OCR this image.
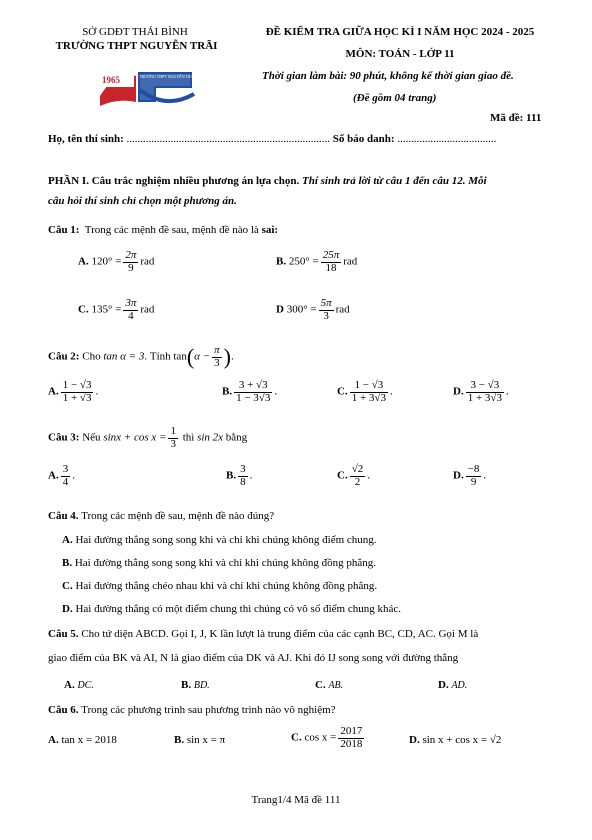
SỞ GDĐT THÁI BÌNH
TRƯỜNG THPT NGUYỄN TRÃI
1965	TRƯỜNG THPT NGUYỄN TRÃI
ĐỀ KIỂM TRA GIỮA HỌC KÌ I NĂM HỌC 2024 - 2025
MÔN: TOÁN - LỚP 11
Thời gian làm bài: 90 phút, không kể thời gian giao đề.
(Đề gồm 04 trang)
Mã đề: 111
Họ, tên thí sinh: .......................................................................... Số báo danh: ....................................
PHẦN I. Câu trắc nghiệm nhiều phương án lựa chọn. Thí sinh trả lời từ câu 1 đến câu 12. Mỗi
câu hỏi thí sinh chỉ chọn một phương án.
Câu 1: Trong các mệnh đề sau, mệnh đề nào là sai:
A. $120^\circ = \frac{2\pi}{9}$ rad	B. $250^\circ = \frac{25\pi}{18}$ rad
C. $135^\circ = \frac{3\pi}{4}$ rad	D $300^\circ = \frac{5\pi}{3}$ rad
Câu 2: Cho tan α = 3. Tính $\tan(\alpha - \frac{\pi}{3}$ ).
A. $\frac{1 - √3}{1 + √3}$ .	B. $\frac{3 + √3}{1 - 3√3}$ .	C. $\frac{1 - √3}{1 + 3√3}$ .	D. $\frac{3 - √3}{1 + 3√3}$ .
Câu 3: Nếu $\sin x + \cos x = \frac{1}{3}$ thì sin 2x bằng
A. $\frac{3}{4}$ .	B. $\frac{3}{8}$ .	C. $\frac{√2}{2}$ .	D. $\frac{-8}{9}$ .
Câu 4. Trong các mệnh đề sau, mệnh đề nào đúng?
A. Hai đường thẳng song song khi và chỉ khi chúng không điểm chung.
B. Hai đường thẳng song song khi và chỉ khi chúng không đồng phẳng.
C. Hai đường thẳng chéo nhau khi và chỉ khi chúng không đồng phẳng.
D. Hai đường thẳng có một điểm chung thì chúng có vô số điểm chung khác.
Câu 5. Cho tứ diện ABCD. Gọi I, J, K lần lượt là trung điểm của các cạnh BC, CD, AC. Gọi M là
giao điểm của BK và AI, N là giao điểm của DK và AJ. Khi đó IJ song song với đường thẳng
A. DC.	B. BD.	C. AB.	D. AD.
Câu 6. Trong các phương trình sau phương trình nào vô nghiệm?
A. tan x = 2018	B. sin x = π	C. $\cos x = \frac{2017}{2018}$	D. sin x + cos x = √2
Trang1/4 Mã đề 111
